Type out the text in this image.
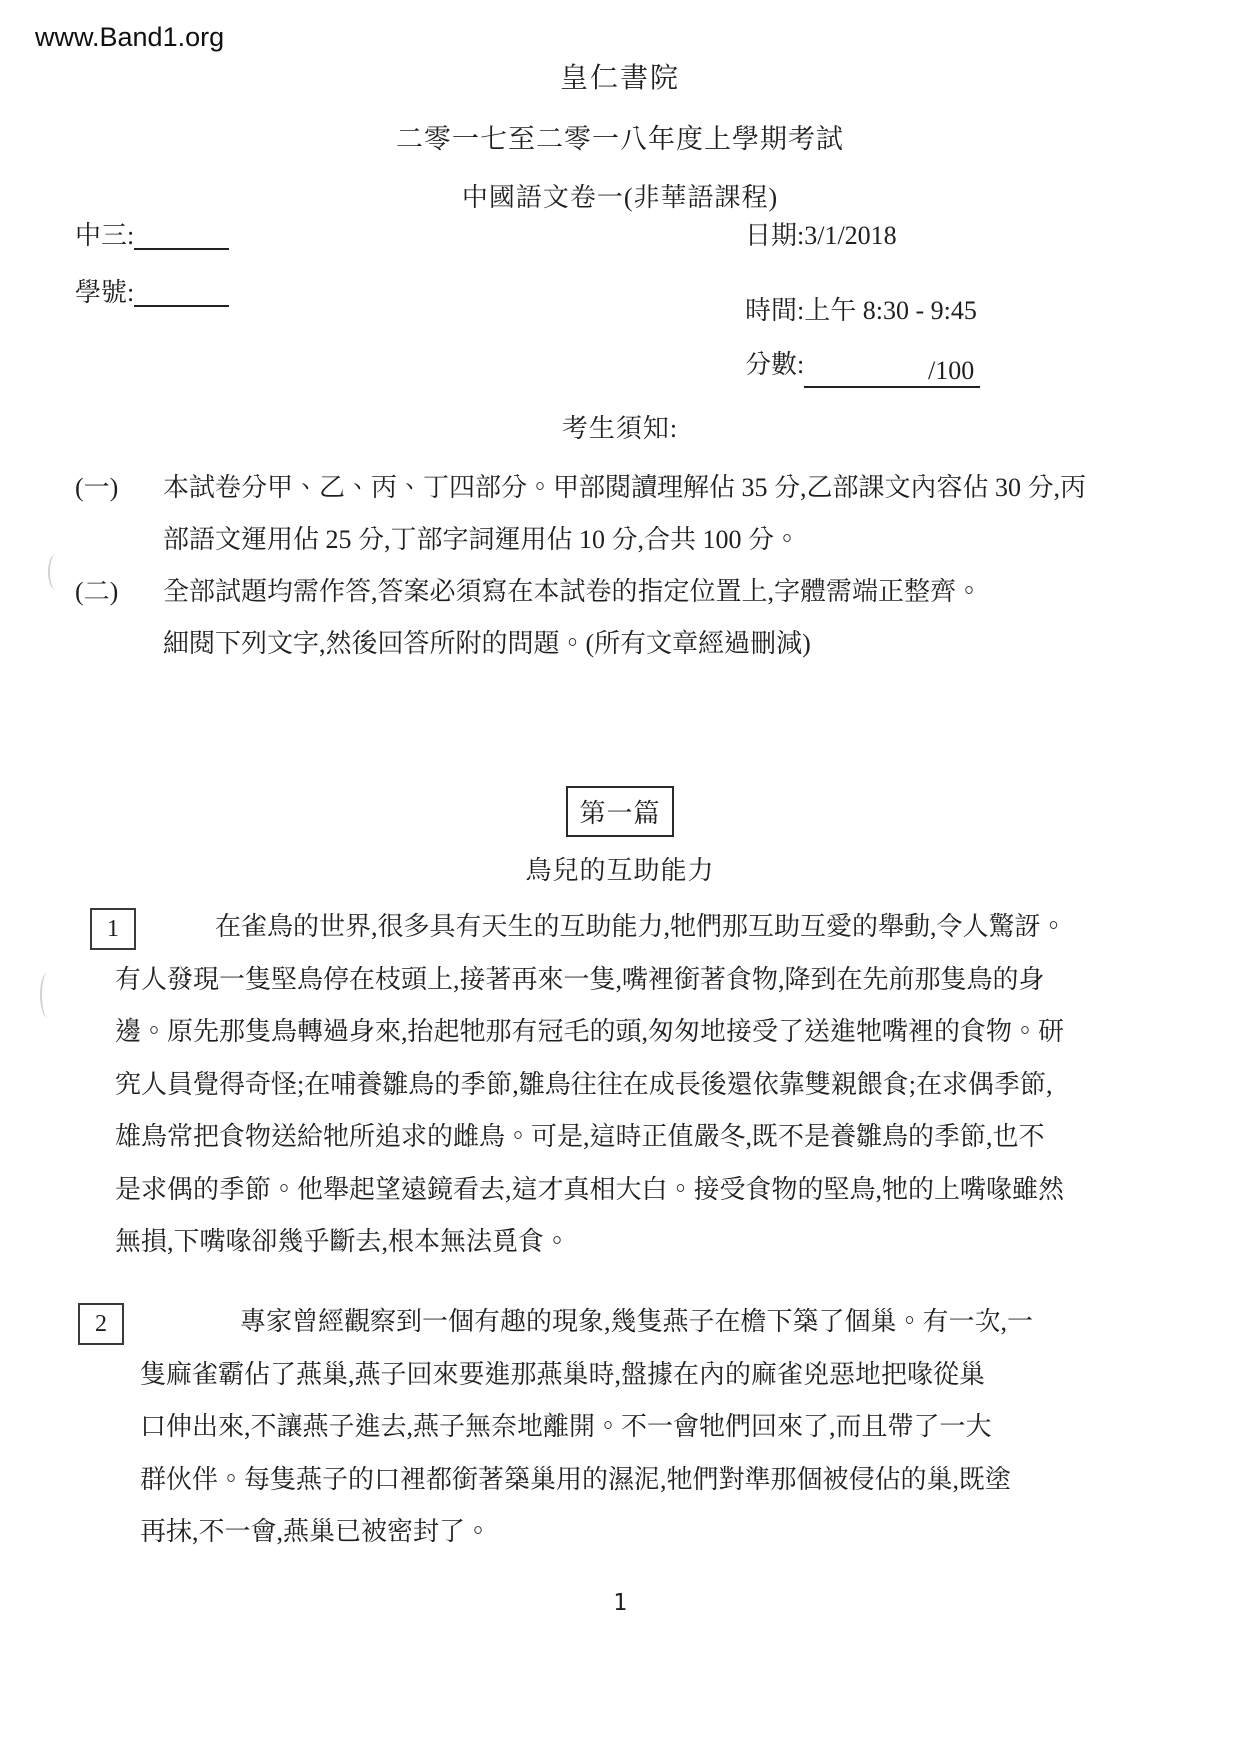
www.Band1.org
皇仁書院
二零一七至二零一八年度上學期考試
中國語文卷一(非華語課程)
中三:
學號:
日期:3/1/2018
時間:上午 8:30 - 9:45
分數:	/100
考生須知:
(一)	本試卷分甲、乙、丙、丁四部分。甲部閱讀理解佔 35 分,乙部課文內容佔 30 分,丙
部語文運用佔 25 分,丁部字詞運用佔 10 分,合共 100 分。
(二)	全部試題均需作答,答案必須寫在本試卷的指定位置上,字體需端正整齊。
細閱下列文字,然後回答所附的問題。(所有文章經過刪減)
第一篇
鳥兒的互助能力
1	在雀鳥的世界,很多具有天生的互助能力,牠們那互助互愛的舉動,令人驚訝。
有人發現一隻堅鳥停在枝頭上,接著再來一隻,嘴裡銜著食物,降到在先前那隻鳥的身
邊。原先那隻鳥轉過身來,抬起牠那有冠毛的頭,匆匆地接受了送進牠嘴裡的食物。研
究人員覺得奇怪;在哺養雛鳥的季節,雛鳥往往在成長後還依靠雙親餵食;在求偶季節,
雄鳥常把食物送給牠所追求的雌鳥。可是,這時正值嚴冬,既不是養雛鳥的季節,也不
是求偶的季節。他舉起望遠鏡看去,這才真相大白。接受食物的堅鳥,牠的上嘴喙雖然
無損,下嘴喙卻幾乎斷去,根本無法覓食。
2	專家曾經觀察到一個有趣的現象,幾隻燕子在檐下築了個巢。有一次,一
隻麻雀霸佔了燕巢,燕子回來要進那燕巢時,盤據在內的麻雀兇惡地把喙從巢
口伸出來,不讓燕子進去,燕子無奈地離開。不一會牠們回來了,而且帶了一大
群伙伴。每隻燕子的口裡都銜著築巢用的濕泥,牠們對準那個被侵佔的巢,既塗
再抹,不一會,燕巢已被密封了。
1
